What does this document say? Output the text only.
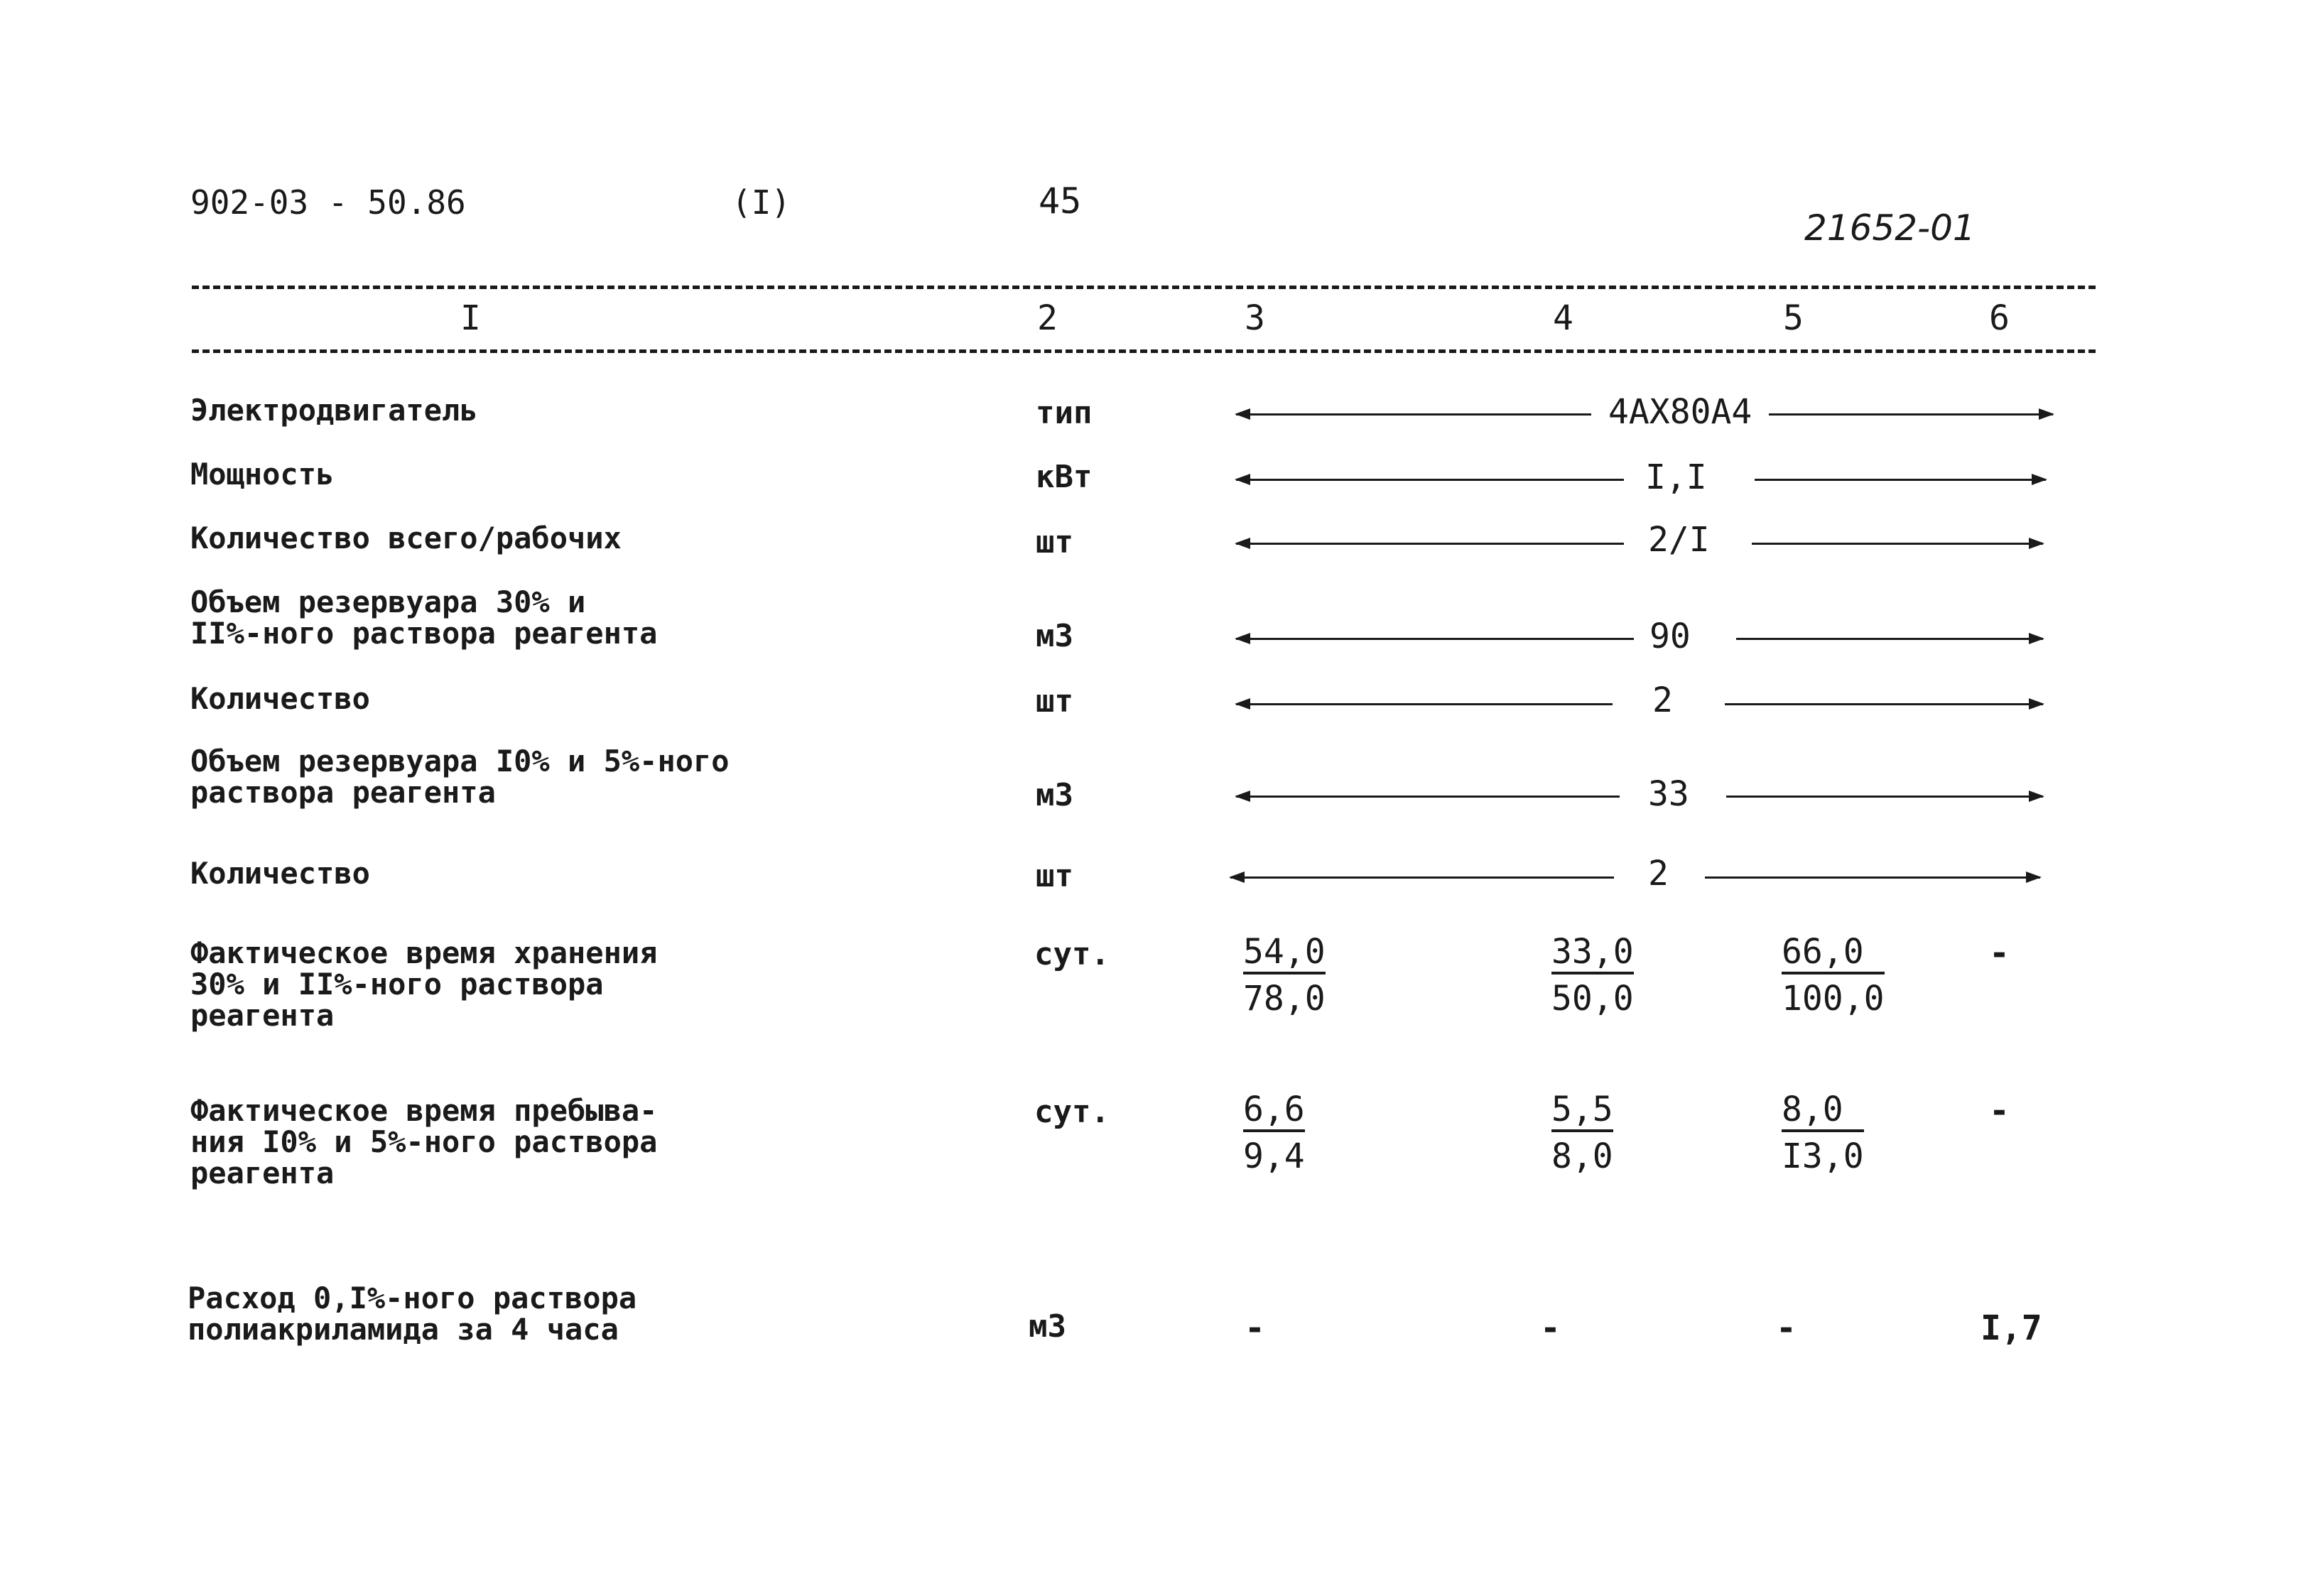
902-03 - 50.86	(I)	45
21652-01
I	2	3	4	5	6
Электродвигатель	тип	4АХ80А4
Мощность	кВт	I,I
Количество всего/рабочих	шт	2/I
Объем резервуара 30% и
II%-ного раствора реагента	м3	90
Количество	шт	2
Объем резервуара I0% и 5%-ного
раствора реагента	м3	33
Количество	шт	2
Фактическое время хранения
30% и II%-ного раствора
реагента
сут.	$\frac{54,0}{78,0}$	$\frac{33,0}{50,0}$	$\frac{66,0}{100,0}$	-
Фактическое время пребыва-
ния I0% и 5%-ного раствора
реагента
сут.	$\frac{6,6}{9,4}$	$\frac{5,5}{8,0}$	$\frac{8,0}{I3,0}$	-
Расход 0,I%-ного раствора
полиакриламида за 4 часа	м3	-	-	-	I,7
